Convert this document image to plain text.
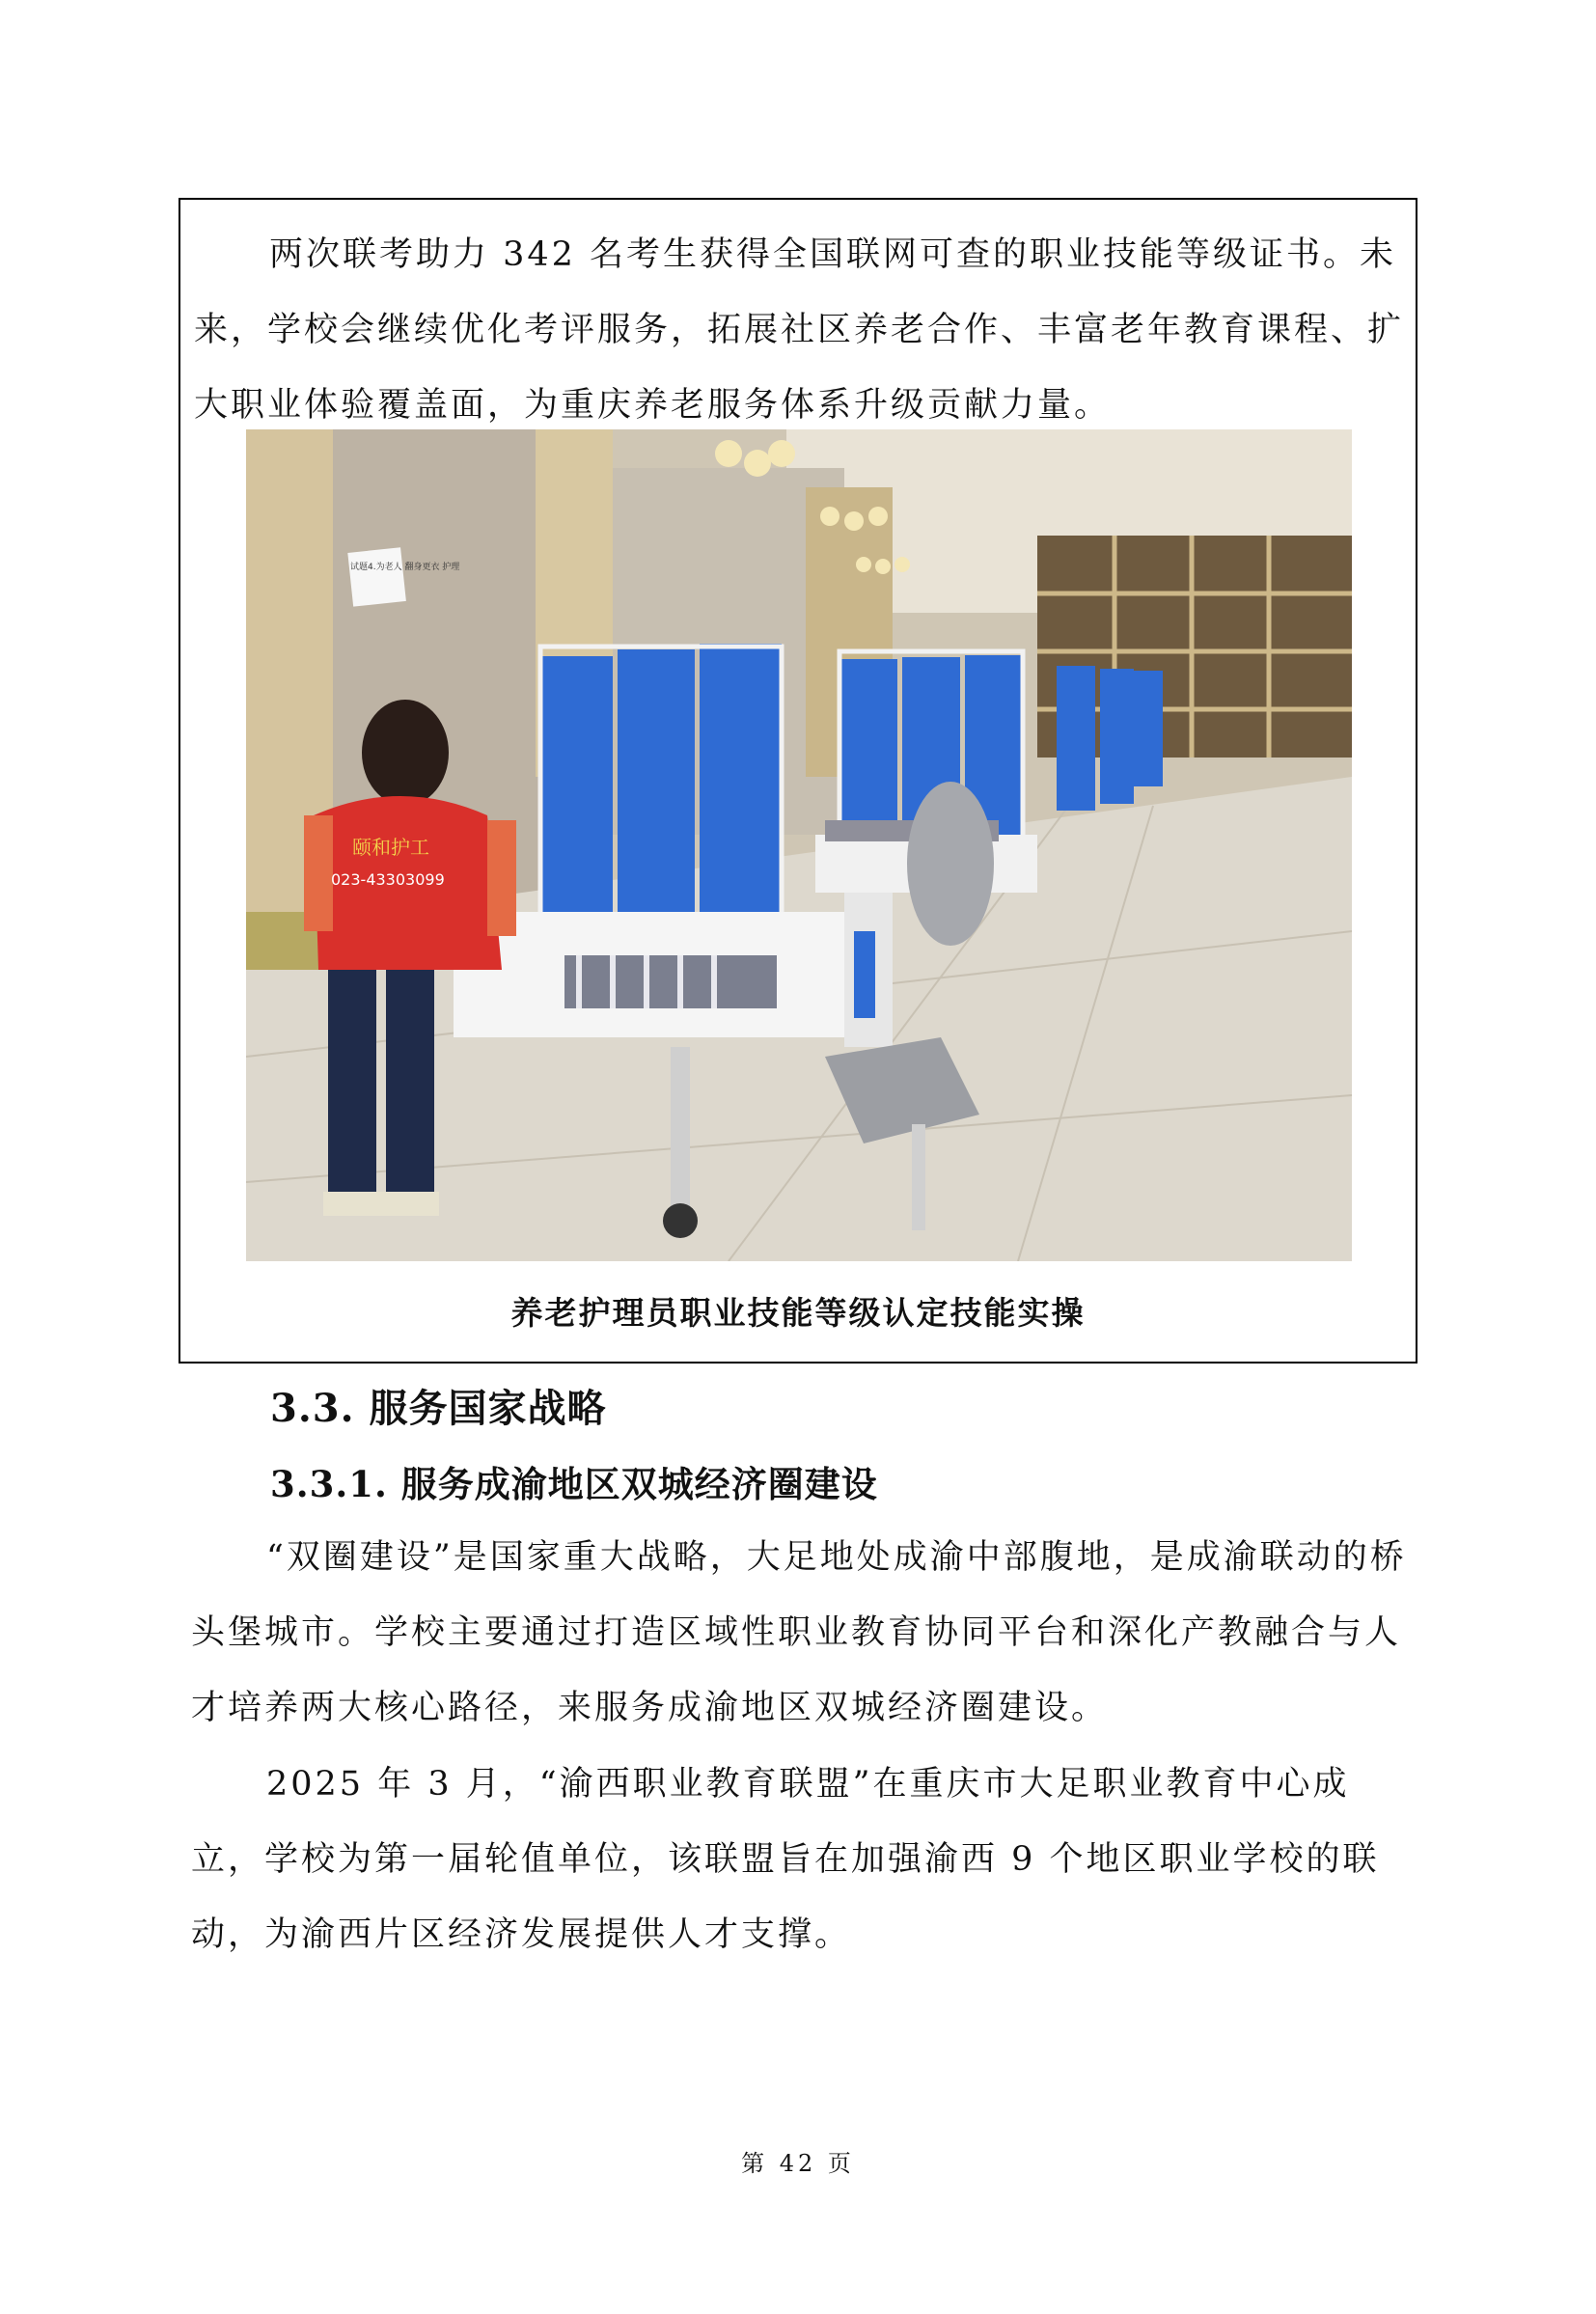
两次联考助力 342 名考生获得全国联网可查的职业技能等级证书。未来，学校会继续优化考评服务，拓展社区养老合作、丰富老年教育课程、扩大职业体验覆盖面，为重庆养老服务体系升级贡献力量。

颐和护工
023-43303099
试题4.为老人 翻身更衣 护理
养老护理员职业技能等级认定技能实操
3.3. 服务国家战略
3.3.1. 服务成渝地区双城经济圈建设

“双圈建设”是国家重大战略，大足地处成渝中部腹地，是成渝联动的桥头堡城市。学校主要通过打造区域性职业教育协同平台和深化产教融合与人才培养两大核心路径，来服务成渝地区双城经济圈建设。

2025 年 3 月，“渝西职业教育联盟”在重庆市大足职业教育中心成立，学校为第一届轮值单位，该联盟旨在加强渝西 9 个地区职业学校的联动，为渝西片区经济发展提供人才支撑。

第 42 页
